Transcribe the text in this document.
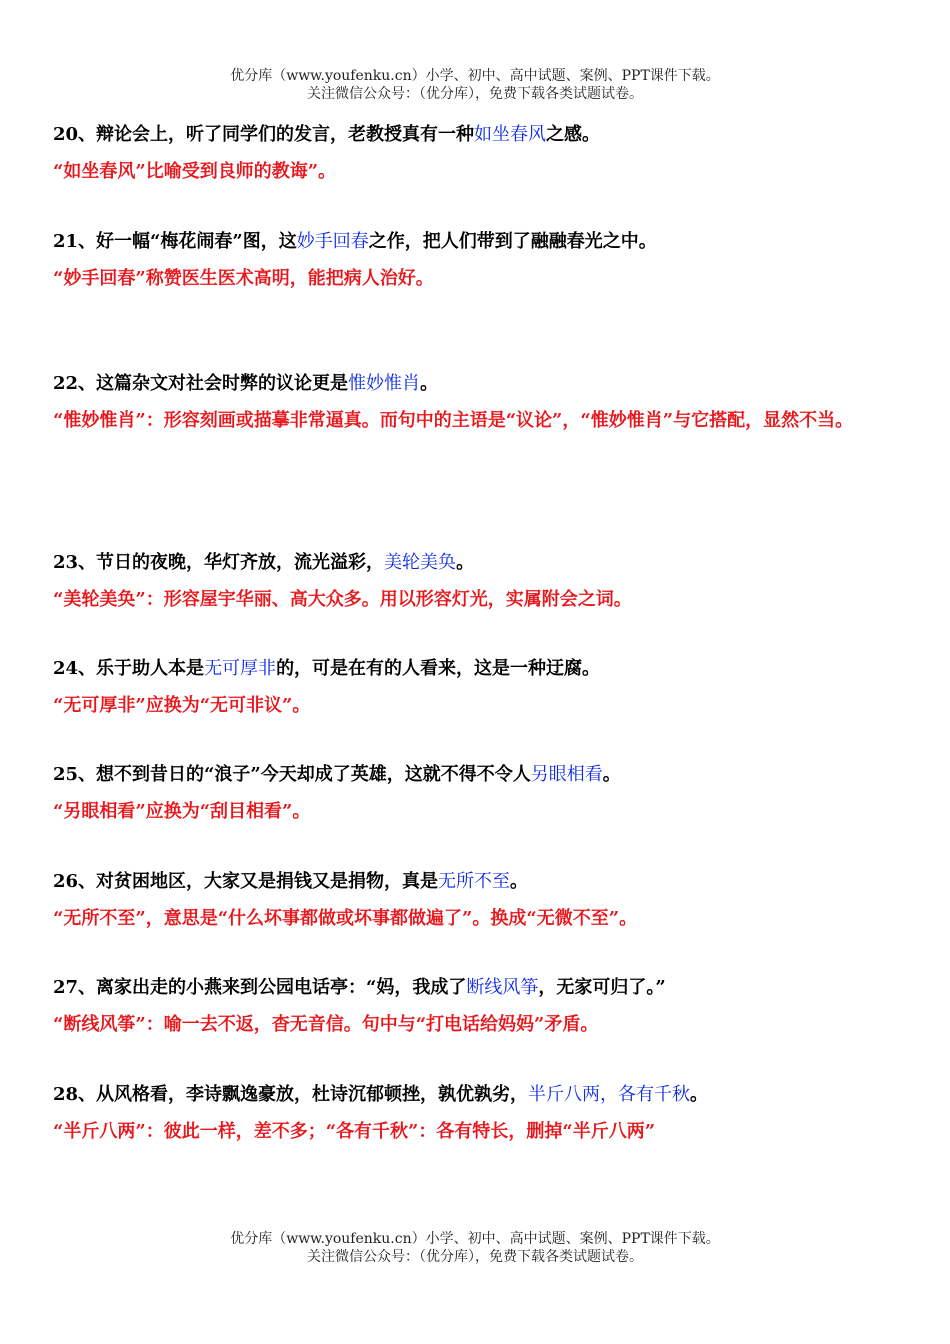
优分库（www.youfenku.cn）小学、初中、高中试题、案例、PPT课件下载。
关注微信公众号：（优分库），免费下载各类试题试卷。
20、辩论会上，听了同学们的发言，老教授真有一种如坐春风之感。
“如坐春风”比喻受到良师的教诲”。
21、好一幅“梅花闹春”图，这妙手回春之作，把人们带到了融融春光之中。
“妙手回春”称赞医生医术高明，能把病人治好。
22、这篇杂文对社会时弊的议论更是惟妙惟肖。
“惟妙惟肖”：形容刻画或描摹非常逼真。而句中的主语是“议论”，“惟妙惟肖”与它搭配，显然不当。
23、节日的夜晚，华灯齐放，流光溢彩，美轮美奂。
“美轮美奂”：形容屋宇华丽、高大众多。用以形容灯光，实属附会之词。
24、乐于助人本是无可厚非的，可是在有的人看来，这是一种迂腐。
“无可厚非”应换为“无可非议”。
25、想不到昔日的“浪子”今天却成了英雄，这就不得不令人另眼相看。
“另眼相看”应换为“刮目相看”。
26、对贫困地区，大家又是捐钱又是捐物，真是无所不至。
“无所不至”，意思是“什么坏事都做或坏事都做遍了”。换成“无微不至”。
27、离家出走的小燕来到公园电话亭：“妈，我成了断线风筝，无家可归了。”
“断线风筝”：喻一去不返，杳无音信。句中与“打电话给妈妈”矛盾。
28、从风格看，李诗飘逸豪放，杜诗沉郁顿挫，孰优孰劣，半斤八两，各有千秋。
“半斤八两”：彼此一样，差不多；“各有千秋”：各有特长，删掉“半斤八两”
优分库（www.youfenku.cn）小学、初中、高中试题、案例、PPT课件下载。
关注微信公众号：（优分库），免费下载各类试题试卷。
